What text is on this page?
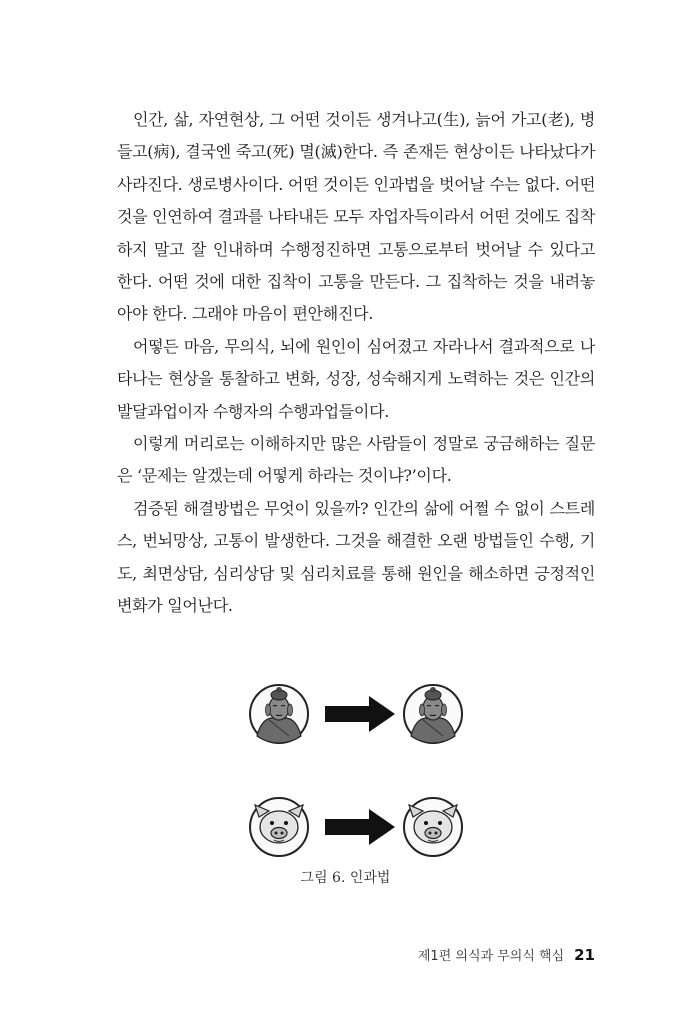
인간, 삶, 자연현상, 그 어떤 것이든 생겨나고(生), 늙어 가고(老), 병들고(病), 결국엔 죽고(死) 멸(滅)한다. 즉 존재든 현상이든 나타났다가 사라진다. 생로병사이다. 어떤 것이든 인과법을 벗어날 수는 없다. 어떤 것을 인연하여 결과를 나타내든 모두 자업자득이라서 어떤 것에도 집착하지 말고 잘 인내하며 수행정진하면 고통으로부터 벗어날 수 있다고 한다. 어떤 것에 대한 집착이 고통을 만든다. 그 집착하는 것을 내려놓아야 한다. 그래야 마음이 편안해진다.

어떻든 마음, 무의식, 뇌에 원인이 심어졌고 자라나서 결과적으로 나타나는 현상을 통찰하고 변화, 성장, 성숙해지게 노력하는 것은 인간의 발달과업이자 수행자의 수행과업들이다.

이렇게 머리로는 이해하지만 많은 사람들이 정말로 궁금해하는 질문은 ‘문제는 알겠는데 어떻게 하라는 것이냐?’이다.

검증된 해결방법은 무엇이 있을까? 인간의 삶에 어쩔 수 없이 스트레스, 번뇌망상, 고통이 발생한다. 그것을 해결한 오랜 방법들인 수행, 기도, 최면상담, 심리상담 및 심리치료를 통해 원인을 해소하면 긍정적인 변화가 일어난다.

그림 6. 인과법
제1편 의식과 무의식 핵심 21
